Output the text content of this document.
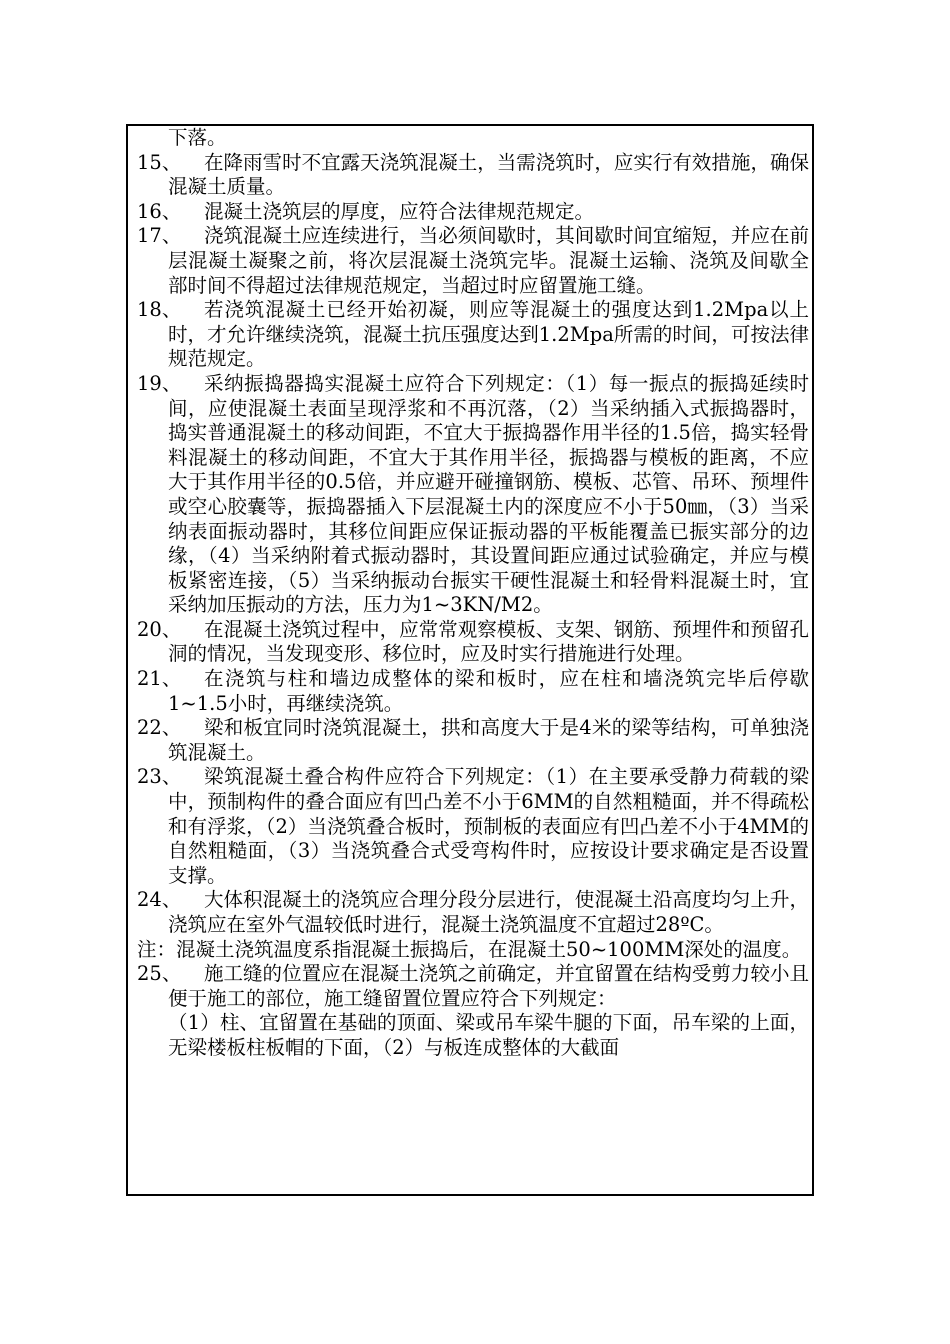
下落。
15、	在降雨雪时不宜露天浇筑混凝土，当需浇筑时，应实行有效措施，确保混凝土质量。
16、	混凝土浇筑层的厚度，应符合法律规范规定。
17、	浇筑混凝土应连续进行，当必须间歇时，其间歇时间宜缩短，并应在前层混凝土凝聚之前，将次层混凝土浇筑完毕。混凝土运输、浇筑及间歇全部时间不得超过法律规范规定，当超过时应留置施工缝。
18、	若浇筑混凝土已经开始初凝，则应等混凝土的强度达到1.2Mpa以上时，才允许继续浇筑，混凝土抗压强度达到1.2Mpa所需的时间，可按法律规范规定。
19、	采纳振捣器捣实混凝土应符合下列规定：（1）每一振点的振捣延续时间，应使混凝土表面呈现浮浆和不再沉落，（2）当采纳插入式振捣器时，捣实普通混凝土的移动间距，不宜大于振捣器作用半径的1.5倍，捣实轻骨料混凝土的移动间距，不宜大于其作用半径，振捣器与模板的距离，不应大于其作用半径的0.5倍，并应避开碰撞钢筋、模板、芯管、吊环、预埋件或空心胶囊等，振捣器插入下层混凝土内的深度应不小于50㎜，（3）当采纳表面振动器时，其移位间距应保证振动器的平板能覆盖已振实部分的边缘，（4）当采纳附着式振动器时，其设置间距应通过试验确定，并应与模板紧密连接，（5）当采纳振动台振实干硬性混凝土和轻骨料混凝土时，宜采纳加压振动的方法，压力为1~3KN/M2。
20、	在混凝土浇筑过程中，应常常观察模板、支架、钢筋、预埋件和预留孔洞的情况，当发现变形、移位时，应及时实行措施进行处理。
21、	在浇筑与柱和墙边成整体的梁和板时，应在柱和墙浇筑完毕后停歇1~1.5小时，再继续浇筑。
22、	梁和板宜同时浇筑混凝土，拱和高度大于是4米的梁等结构，可单独浇筑混凝土。
23、	梁筑混凝土叠合构件应符合下列规定：（1）在主要承受静力荷载的梁中，预制构件的叠合面应有凹凸差不小于6MM的自然粗糙面，并不得疏松和有浮浆，（2）当浇筑叠合板时，预制板的表面应有凹凸差不小于4MM的自然粗糙面，（3）当浇筑叠合式受弯构件时，应按设计要求确定是否设置支撑。
24、	大体积混凝土的浇筑应合理分段分层进行，使混凝土沿高度均匀上升，浇筑应在室外气温较低时进行，混凝土浇筑温度不宜超过28ºC。
注：混凝土浇筑温度系指混凝土振捣后，在混凝土50~100MM深处的温度。
25、	施工缝的位置应在混凝土浇筑之前确定，并宜留置在结构受剪力较小且便于施工的部位，施工缝留置位置应符合下列规定：
（1）柱、宜留置在基础的顶面、梁或吊车梁牛腿的下面，吊车梁的上面，无梁楼板柱板帽的下面，（2）与板连成整体的大截面
